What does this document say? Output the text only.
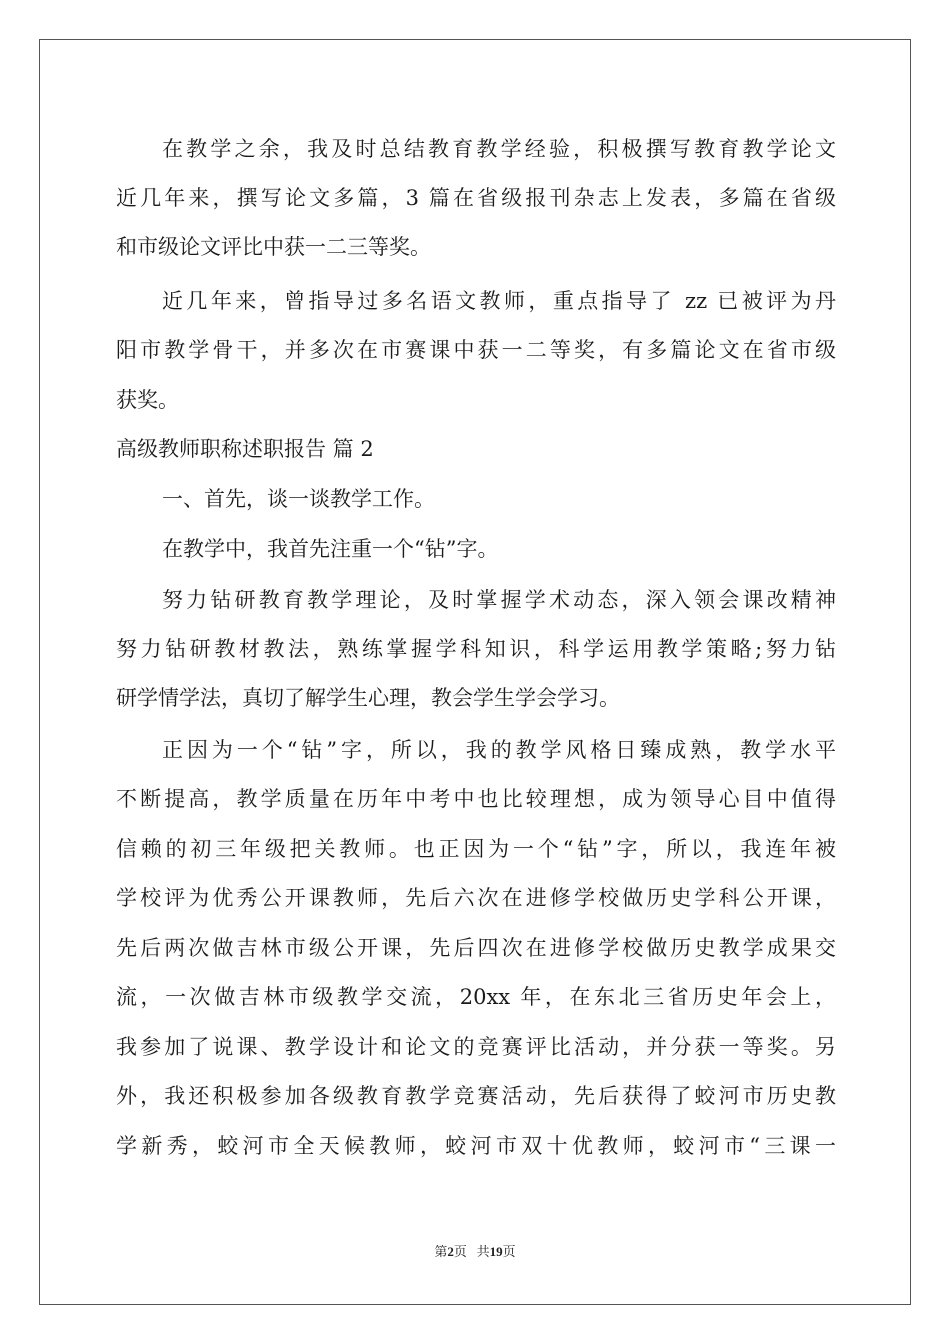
在教学之余，我及时总结教育教学经验，积极撰写教育教学论文
近几年来，撰写论文多篇，3 篇在省级报刊杂志上发表，多篇在省级
和市级论文评比中获一二三等奖。
近几年来，曾指导过多名语文教师，重点指导了 zz 已被评为丹
阳市教学骨干，并多次在市赛课中获一二等奖，有多篇论文在省市级
获奖。
高级教师职称述职报告 篇 2
一、首先，谈一谈教学工作。
在教学中，我首先注重一个“钻”字。
努力钻研教育教学理论，及时掌握学术动态，深入领会课改精神
努力钻研教材教法，熟练掌握学科知识，科学运用教学策略;努力钻
研学情学法，真切了解学生心理，教会学生学会学习。
正因为一个“钻”字，所以，我的教学风格日臻成熟，教学水平
不断提高，教学质量在历年中考中也比较理想，成为领导心目中值得
信赖的初三年级把关教师。也正因为一个“钻”字，所以，我连年被
学校评为优秀公开课教师，先后六次在进修学校做历史学科公开课，
先后两次做吉林市级公开课，先后四次在进修学校做历史教学成果交
流，一次做吉林市级教学交流，20xx 年，在东北三省历史年会上，
我参加了说课、教学设计和论文的竞赛评比活动，并分获一等奖。另
外，我还积极参加各级教育教学竞赛活动，先后获得了蛟河市历史教
学新秀，蛟河市全天候教师，蛟河市双十优教师，蛟河市“三课一
第2页   共19页
